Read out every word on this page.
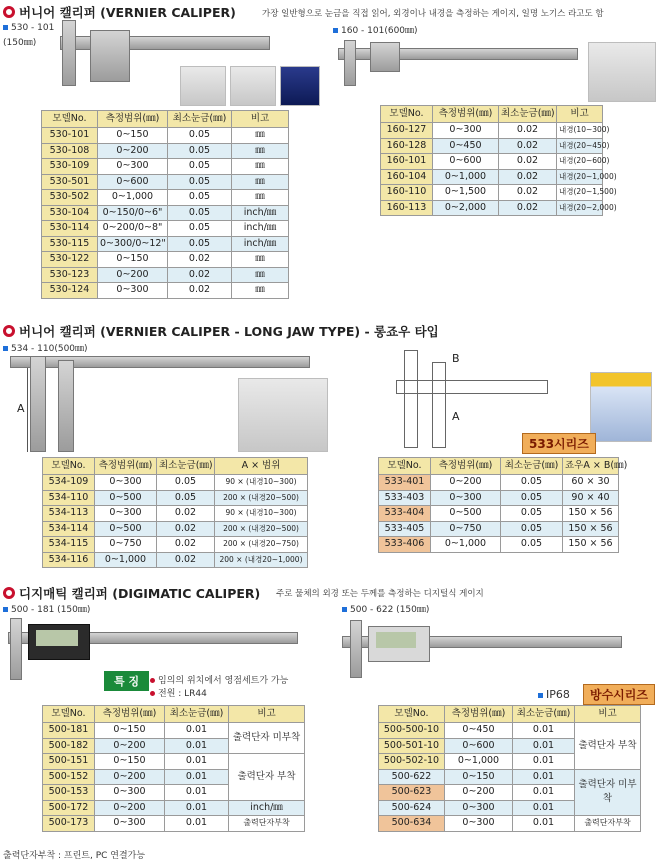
버니어 캘리퍼 (VERNIER CALIPER)	가장 일반형으로 눈금을 직접 읽어, 외경이나 내경을 측정하는 게이지, 일명 노기스 라고도 함
530 - 101
(150㎜)
160 - 101(600㎜)
모델No.	측정범위(㎜)	최소눈금(㎜)	비고
530-101	0~150	0.05	㎜
530-108	0~200	0.05	㎜
530-109	0~300	0.05	㎜
530-501	0~600	0.05	㎜
530-502	0~1,000	0.05	㎜
530-104	0~150/0~6"	0.05	inch/㎜
530-114	0~200/0~8"	0.05	inch/㎜
530-115	0~300/0~12"	0.05	inch/㎜
530-122	0~150	0.02	㎜
530-123	0~200	0.02	㎜
530-124	0~300	0.02	㎜
모델No.	측정범위(㎜)	최소눈금(㎜)	비고
160-127	0~300	0.02	내경(10~300)
160-128	0~450	0.02	내경(20~450)
160-101	0~600	0.02	내경(20~600)
160-104	0~1,000	0.02	내경(20~1,000)
160-110	0~1,500	0.02	내경(20~1,500)
160-113	0~2,000	0.02	내경(20~2,000)
버니어 캘리퍼 (VERNIER CALIPER - LONG JAW TYPE) - 롱죠우 타입
534 - 110(500㎜)
A
B
A
533시리즈
모델No.	측정범위(㎜)	최소눈금(㎜)	A × 범위
534-109	0~300	0.05	90 × (내경10~300)
534-110	0~500	0.05	200 × (내경20~500)
534-113	0~300	0.02	90 × (내경10~300)
534-114	0~500	0.02	200 × (내경20~500)
534-115	0~750	0.02	200 × (내경20~750)
534-116	0~1,000	0.02	200 × (내경20~1,000)
모델No.	측정범위(㎜)	최소눈금(㎜)	죠우A × B(㎜)
533-401	0~200	0.05	60 × 30
533-403	0~300	0.05	90 × 40
533-404	0~500	0.05	150 × 56
533-405	0~750	0.05	150 × 56
533-406	0~1,000	0.05	150 × 56
디지매틱 캘리퍼 (DIGIMATIC CALIPER) 주로 물체의 외경 또는 두께를 측정하는 디지털식 게이지
500 - 181 (150㎜)	500 - 622 (150㎜)
특 징	임의의 위치에서 영점세트가 가능
전원 : LR44	IP68	방수시리즈
모델No.	측정범위(㎜)	최소눈금(㎜)	비고
500-181	0~150	0.01	출력단자 미부착
500-182	0~200	0.01	
500-151	0~150	0.01	출력단자 부착
500-152	0~200	0.01	
500-153	0~300	0.01	
500-172	0~200	0.01	inch/㎜
500-173	0~300	0.01	출력단자부착
출력단자부착 : 프린트, PC 연결가능
모델No.	측정범위(㎜)	최소눈금(㎜)	비고
500-500-10	0~450	0.01	출력단자 부착
500-501-10	0~600	0.01	
500-502-10	0~1,000	0.01	
500-622	0~150	0.01	출력단자 미부착
500-623	0~200	0.01	
500-624	0~300	0.01	
500-634	0~300	0.01	출력단자부착
